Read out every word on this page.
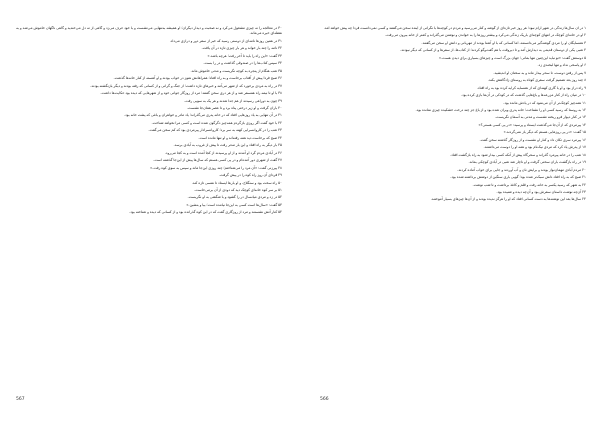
۳۰ در معالجه را نه چیزی مشغول می‌کرد و نه صحبت و دیدار دیگران؛ او همیشه به‌تنهایی می‌نشست و با خود حرف می‌زد و گاهی از ته دل می‌خندید و گاهی ناگهان خاموش می‌شد و به نقطه‌ای خیره می‌ماند.

۳۱ در همین روزها نامه‌ای از دوستی رسید که خبر از سفر دور و درازی می‌داد.

۳۲ نامه را چند بار خواند و هر بار چیزی تازه در آن یافت.

۳۳ گفت: «این راه را باید تا آخر رفت؛ هرچه باشد.»

۳۴ سپس کتاب‌ها را در صندوقی گذاشت و در را بست.

۳۵ شب هنگام از پنجره به کوچه نگریست و مدتی خاموش ماند.

۳۶ صبح فردا پیش از آفتاب برخاست و به راه افتاد؛ همراهانش هنوز در خواب بودند و او آهسته از کنار خانه‌ها گذشت.

۳۷ در راه به مردی برخورد که از شهر می‌آمد و خبرهای تازه داشت؛ از جنگ و گرانی و از کسانی که رفته بودند و دیگر بازنگشته بودند.

۳۸ با او تا نیمه راه همسفر شد و از هر دری سخن گفتند؛ مرد از روزگار جوانی خود و از شهرهایی که دیده بود حکایت‌ها داشت.

۳۹ چون به دوراهی رسیدند از هم جدا شدند و هر یک به سویی رفت.

۴۰ باران گرفت و او زیر درختی پناه برد و تا عصر همان‌جا نشست.

۴۱ در آن تنهایی به یاد روزهایی افتاد که در خانه پدری می‌گذراند؛ یاد مادر و خواهران و باغی که پشت خانه بود.

۴۲ با خود گفت اگر روزی بازگردم همه‌چیز دگرگون شده است و کسی مرا نخواهد شناخت.

۴۳ شب را در کاروانسرایی کهنه به سر برد؛ کاروانسرادار پیرمردی بود که کم سخن می‌گفت.

۴۴ صبح که برخاست دید همه رفته‌اند و او تنها مانده است.

۴۵ بار دیگر به راه افتاد و این بار تندتر رفت تا پیش از غروب به آبادی برسد.

۴۶ در آبادی مردم گرد او آمدند و از او پرسیدند از کجا آمده است و به کجا می‌رود.

۴۷ گفت از شهری دور آمده‌ام و در پی کسی هستم که سال‌ها پیش از این‌جا گذشته است.

۴۸ پیرزنی گفت: «آن مرد را می‌شناختم؛ چند روزی این‌جا ماند و سپس به سوی کوه رفت.»

۴۹ فردای آن روز راه کوه را در پیش گرفت.

۵۰ راه سخت بود و سنگلاخ، و او بارها ایستاد تا نفسی تازه کند.

۵۱ بر سر کوه خانه‌ای کوچک دید که دودی از آن برمی‌خاست.

۵۲ در زد و مردی میانسال در را گشود و با شگفتی به او نگریست.

۵۳ گفت: «سال‌ها است کسی به این‌جا نیامده است؛ بیا و بنشین.»

۵۴ کنار آتش نشستند و مرد از روزگاری گفت که در این کوه گذرانده بود و از کسانی که دیده و شناخته بود.

۱ در آن سال‌ها زندگی در شهر آرام نبود؛ هر روز خبر تازه‌ای از گوشه و کنار می‌رسید و مردم در کوچه‌ها با نگرانی از آینده سخن می‌گفتند و کسی نمی‌دانست فردا چه پیش خواهد آمد.

۲ او در خانه‌ای کوچک در انتهای کوچه‌ای باریک زندگی می‌کرد و بیشتر روزها را به خواندن و نوشتن می‌گذراند و کمتر از خانه بیرون می‌رفت.

۳ همسایگان او را مردی گوشه‌گیر می‌دانستند، اما کسانی که با او آشنا بودند از مهربانی و دانش او سخن می‌گفتند.

۴ شبی یکی از دوستان قدیمی به دیدارش آمد و تا دیروقت با هم گفت‌وگو کردند؛ از کتاب‌ها، از سفرها و از کسانی که دیگر نبودند.

۵ دوستش گفت: «تو نباید این‌چنین تنها بمانی؛ جهان بزرگ است و چیزهای بسیاری برای دیدن هست.»

۶ او پاسخی نداد و تنها لبخندی زد.

۷ پس از رفتن دوست، تا سحر بیدار ماند و به سخنان او اندیشید.

۸ چند روز بعد تصمیم گرفت سفری کوتاه به روستای زادگاهش بکند.

۹ راه دراز بود و او با گاری کهنه‌ای که از همسایه کرایه کرده بود به راه افتاد.

۱۰ در میان راه از کنار مزرعه‌ها و باغ‌هایی گذشت که در کودکی در آن‌ها بازی کرده بود.

۱۱ همه‌چیز کوچک‌تر از آن می‌نمود که در یادش مانده بود.

۱۲ به روستا که رسید کسی او را نشناخت؛ خانه پدری ویران شده بود و از باغ جز چند درخت خشکیده چیزی نمانده بود.

۱۳ در کنار دیوار فرو ریخته نشست و مدتی به آسمان نگریست.

۱۴ پیرمردی که از آن‌جا می‌گذشت ایستاد و پرسید: «در پی کسی هستی؟»

۱۵ گفت: «در پی روزهایی هستم که دیگر باز نمی‌گردند.»

۱۶ پیرمرد سری تکان داد و کنار او نشست و از روزگار گذشته سخن گفت.

۱۷ از پدرش یاد کرد که مردی نیک‌نام بود و همه او را دوست می‌داشتند.

۱۸ شب را در خانه پیرمرد گذراند و سحرگاه پیش از آنکه کسی بیدار شود به راه بازگشت افتاد.

۱۹ در راه بازگشت باران سختی گرفت و او ناچار شد شبی در آبادی کوچکی بماند.

۲۰ مردم آبادی مهمان‌نواز بودند و برایش نان و آب آوردند و جایی برای خواب آماده کردند.

۲۱ صبح که به راه افتاد دلش سبک‌تر شده بود؛ گویی باری سنگین از دوشش برداشته شده بود.

۲۲ به شهر که رسید یکسر به خانه رفت و قلم و کاغذ برداشت و تا شب نوشت.

۲۳ آن‌چه نوشت داستان سفرش بود و آن‌چه دیده و شنیده بود.

۲۴ سال‌ها بعد این نوشته‌ها به دست کسانی افتاد که او را هرگز ندیده بودند و از آن‌ها چیزهای بسیار آموختند.

567	566
